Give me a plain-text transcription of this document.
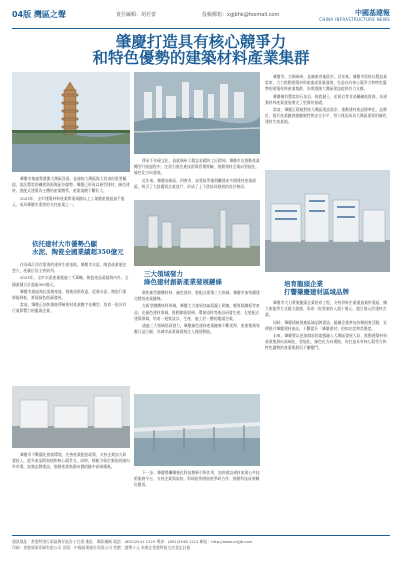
04版 灣區之聲	責任編輯：胡若蕾	投稿郵箱：xgjbhk@foxmail.com	中國基建報
CHINA INFRASTRUCTURE NEWS
肇慶打造具有核心競爭力
和特色優勢的建築材料產業集群

肇慶市，古稱端州，是廣東省地級市。近年來，肇慶市堅持以製造業當家，大力推動建築材料產業高質量發展，打造具有核心競爭力和特色優勢的建築材料產業集群，為粵港澳大灣區建設提供有力支撐。

肇慶擁有豐富的石灰岩、陶瓷黏土、花崗岩等非金屬礦產資源，為建築材料產業發展奠定了堅實的基礎。

當前，肇慶正積極對接大灣區建設需求，推動建材產品標準化、品牌化，提升產業鏈供應鏈韌性和安全水平，努力建設成為大灣區重要的綠色建材生產基地。

肇慶市地處粵港澳大灣區西部，是連接大灣區與大西南的重要樞紐。依託豐富的礦產資源與區位優勢，肇慶已形成以新型建材、綠色建材、裝配式建築為主體的產業體系，產業規模不斷壯大。

2023年，全市建築材料產業實現規模以上工業總產值超過千億元，成為肇慶市重要的支柱產業之一。

傳承千年硯文化，造就端州人精益求精的工匠精神。肇慶市在推動產業轉型升級過程中，注重引進先進技術與管理經驗，推動建材企業向智能化、綠色化方向發展。

近年來，肇慶高新區、四會市、高要區等地相繼建成多個建材產業園區，吸引了大批優質企業落戶，形成了上下游協同發展的良好格局。

依托建材大市優勢凸顯
水泥、陶瓷全國業績超350億元

作為珠江西岸重要的建材生產基地，肇慶市水泥、陶瓷產業歷史悠久，產量位居全省前列。

2023年，全市水泥產量超過三千萬噸，陶瓷產品遠銷海內外，全國業績合計超過350億元。

肇慶市通過淘汰落後產能、推進技術改造，促進水泥、陶瓷行業節能降耗，實現綠色低碳發展。

當前，肇慶正加快推進傳統建材產業數字化轉型，培育一批具有行業影響力的龍頭企業。

三大領域發力
綠色建材創新產業發展鏈條

聚焦新型牆體材料、綠色建材、裝配式建築三大領域，肇慶市加快構建完整的產業鏈條。

在新型牆體材料領域，肇慶大力發展加氣混凝土砌塊、輕質隔牆板等產品；在綠色建材領域，推動節能玻璃、環保塗料等產品研發生產；在裝配式建築領域，培育一批集設計、生產、施工於一體的龍頭企業。

通過三大領域協同發力，肇慶綠色建材產業鏈條不斷延伸，產業集聚效應日益凸顯，為城市高質量發展注入強勁動能。

培育龍頭企業
打響肇慶建材區域品牌

肇慶市大力實施龍頭企業培育工程，支持骨幹企業通過兼併重組、擴大產能等方式做大做強，形成一批營業收入超十億元、超百億元的建材企業。

同時，肇慶積極推進區域品牌建設，組織企業參加各類展會活動，宣傳推介肇慶建材產品，不斷提升「肇慶建材」的知名度和美譽度。

未來，肇慶將以更加開放的姿態融入大灣區發展大局，推動建築材料產業集群向高端化、智能化、綠色化方向邁進，為打造具有核心競爭力和特色優勢的產業集群而不懈奮鬥。

肇慶市不斷優化營商環境，完善產業配套政策，支持企業加大研發投入，提升產品附加值和核心競爭力。同時，積極引導企業拓展國內外市場，加強品牌建設，推動產業集群向價值鏈中高端邁進。

下一步，肇慶將繼續強化科技創新引領作用，加快建設建材產業公共技術服務平台，支持企業與高校、科研院所開展產學研合作，推動科技成果轉化應用。

通訊地址：香港特別行政區灣仔區告士打道 地址：郵政編碼 電話：(852)2541 1220 傳真：(852)2548 1211 網址：http://www.cnjjjb.com
印刷：香港報業印刷有限公司 出版：中國基建報社有限公司 售價：港幣十元 本報在香港特區合法登記註冊
